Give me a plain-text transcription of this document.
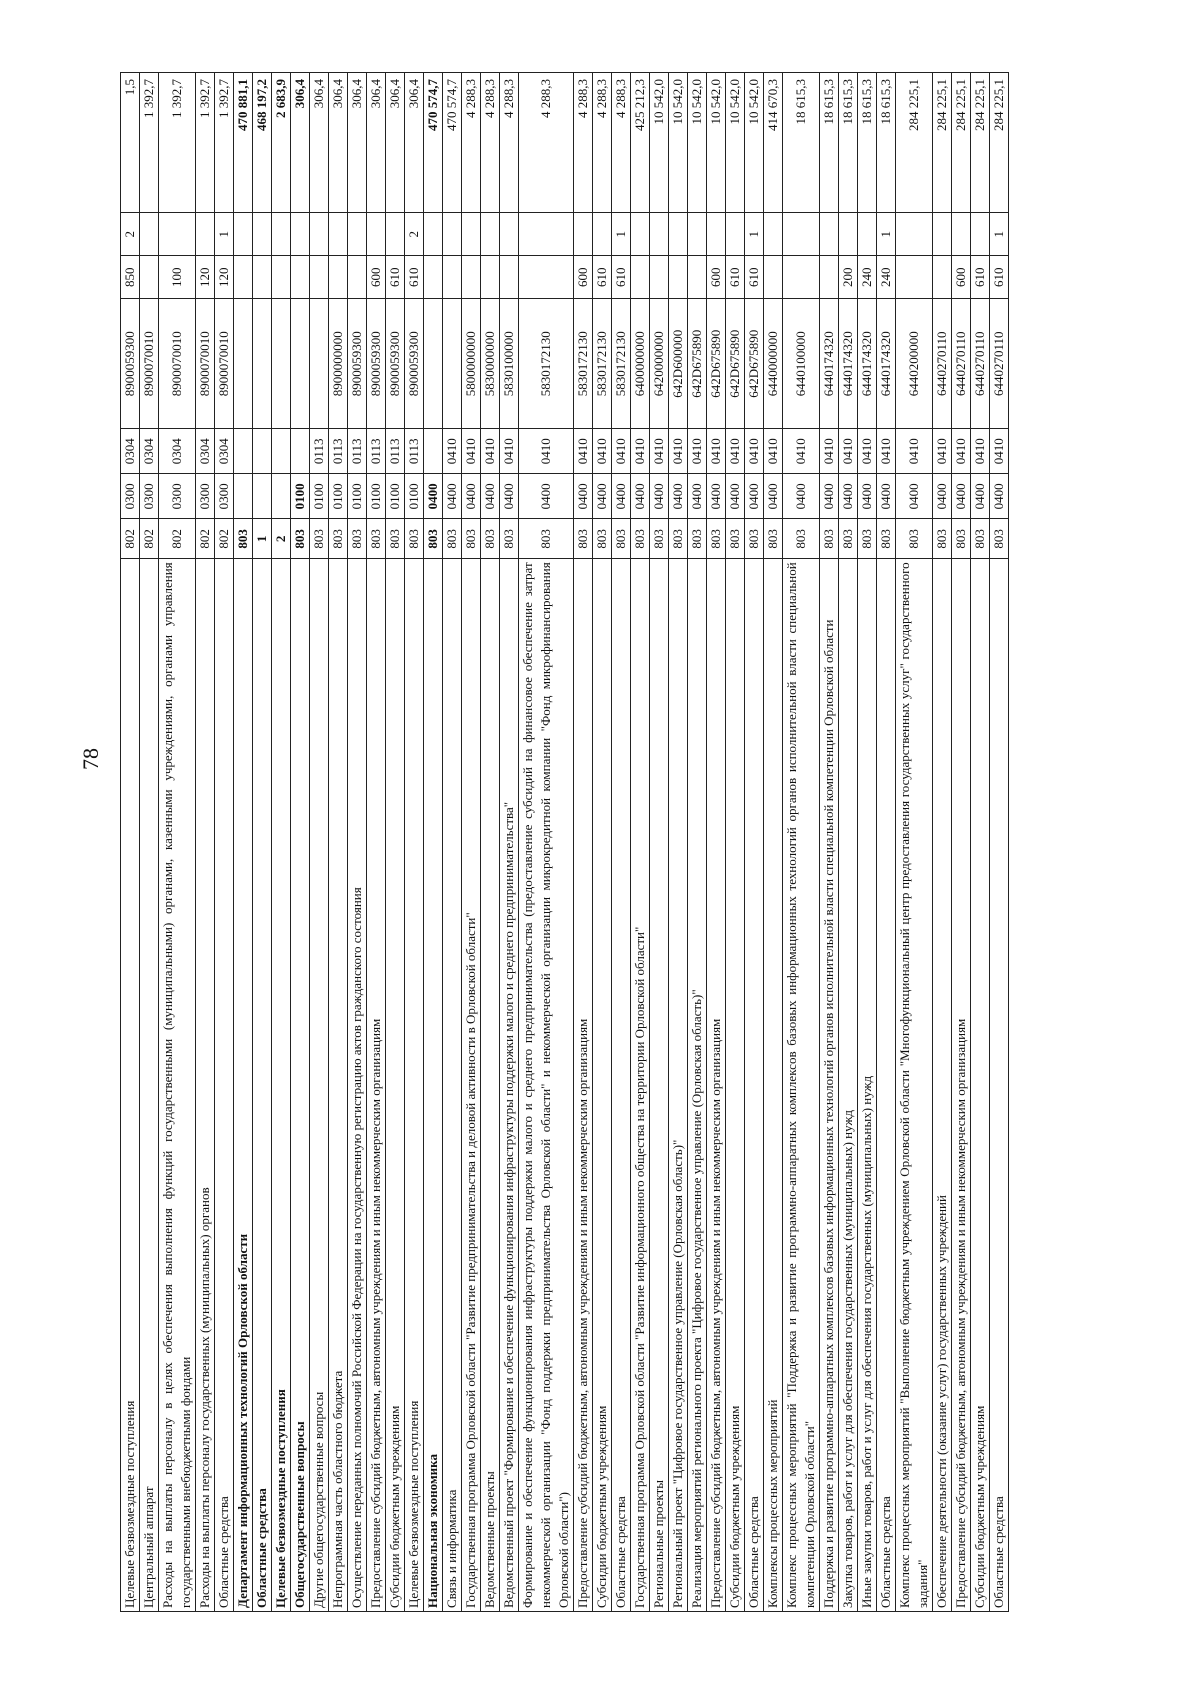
78
Целевые безвозмездные поступления	802	0300	0304	8900059300	850	2	1,5
Центральный аппарат	802	0300	0304	8900070010			1 392,7
Расходы на выплаты персоналу в целях обеспечения выполнения функций государственными (муниципальными) органами, казенными учреждениями, органами управления государственными внебюджетными фондами	802	0300	0304	8900070010	100		1 392,7
Расходы на выплаты персоналу государственных (муниципальных) органов	802	0300	0304	8900070010	120		1 392,7
Областные средства	802	0300	0304	8900070010	120	1	1 392,7
Департамент информационных технологий Орловской области	803						470 881,1
Областные средства	1						468 197,2
Целевые безвозмездные поступления	2						2 683,9
Общегосударственные вопросы	803	0100					306,4
Другие общегосударственные вопросы	803	0100	0113				306,4
Непрограммная часть областного бюджета	803	0100	0113	8900000000			306,4
Осуществление переданных полномочий Российской Федерации на государственную регистрацию актов гражданского состояния	803	0100	0113	8900059300			306,4
Предоставление субсидий бюджетным, автономным учреждениям и иным некоммерческим организациям	803	0100	0113	8900059300	600		306,4
Субсидии бюджетным учреждениям	803	0100	0113	8900059300	610		306,4
Целевые безвозмездные поступления	803	0100	0113	8900059300	610	2	306,4
Национальная экономика	803	0400					470 574,7
Связь и информатика	803	0400	0410				470 574,7
Государственная программа Орловской области "Развитие предпринимательства и деловой активности в Орловской области"	803	0400	0410	5800000000			4 288,3
Ведомственные проекты	803	0400	0410	5830000000			4 288,3
Ведомственный проект "Формирование и обеспечение функционирования инфраструктуры поддержки малого и среднего предпринимательства"	803	0400	0410	5830100000			4 288,3
Формирование и обеспечение функционирования инфраструктуры поддержки малого и среднего предпринимательства (предоставление субсидий на финансовое обеспечение затрат некоммерческой организации "Фонд поддержки предпринимательства Орловской области" и некоммерческой организации микрокредитной компании "Фонд микрофинансирования Орловской области")	803	0400	0410	5830172130			4 288,3
Предоставление субсидий бюджетным, автономным учреждениям и иным некоммерческим организациям	803	0400	0410	5830172130	600		4 288,3
Субсидии бюджетным учреждениям	803	0400	0410	5830172130	610		4 288,3
Областные средства	803	0400	0410	5830172130	610	1	4 288,3
Государственная программа Орловской области "Развитие информационного общества на территории Орловской области"	803	0400	0410	6400000000			425 212,3
Региональные проекты	803	0400	0410	6420000000			10 542,0
Региональный проект "Цифровое государственное управление (Орловская область)"	803	0400	0410	642D600000			10 542,0
Реализация мероприятий регионального проекта "Цифровое государственное управление (Орловская область)"	803	0400	0410	642D675890			10 542,0
Предоставление субсидий бюджетным, автономным учреждениям и иным некоммерческим организациям	803	0400	0410	642D675890	600		10 542,0
Субсидии бюджетным учреждениям	803	0400	0410	642D675890	610		10 542,0
Областные средства	803	0400	0410	642D675890	610	1	10 542,0
Комплексы процессных мероприятий	803	0400	0410	6440000000			414 670,3
Комплекс процессных мероприятий "Поддержка и развитие программно-аппаратных комплексов базовых информационных технологий органов исполнительной власти специальной компетенции Орловской области"	803	0400	0410	6440100000			18 615,3
Поддержка и развитие программно-аппаратных комплексов базовых информационных технологий органов исполнительной власти специальной компетенции Орловской области	803	0400	0410	6440174320			18 615,3
Закупка товаров, работ и услуг для обеспечения государственных (муниципальных) нужд	803	0400	0410	6440174320	200		18 615,3
Иные закупки товаров, работ и услуг для обеспечения государственных (муниципальных) нужд	803	0400	0410	6440174320	240		18 615,3
Областные средства	803	0400	0410	6440174320	240	1	18 615,3
Комплекс процессных мероприятий "Выполнение бюджетным учреждением Орловской области "Многофункциональный центр предоставления государственных услуг" государственного задания"	803	0400	0410	6440200000			284 225,1
Обеспечение деятельности (оказание услуг) государственных учреждений	803	0400	0410	6440270110			284 225,1
Предоставление субсидий бюджетным, автономным учреждениям и иным некоммерческим организациям	803	0400	0410	6440270110	600		284 225,1
Субсидии бюджетным учреждениям	803	0400	0410	6440270110	610		284 225,1
Областные средства	803	0400	0410	6440270110	610	1	284 225,1
